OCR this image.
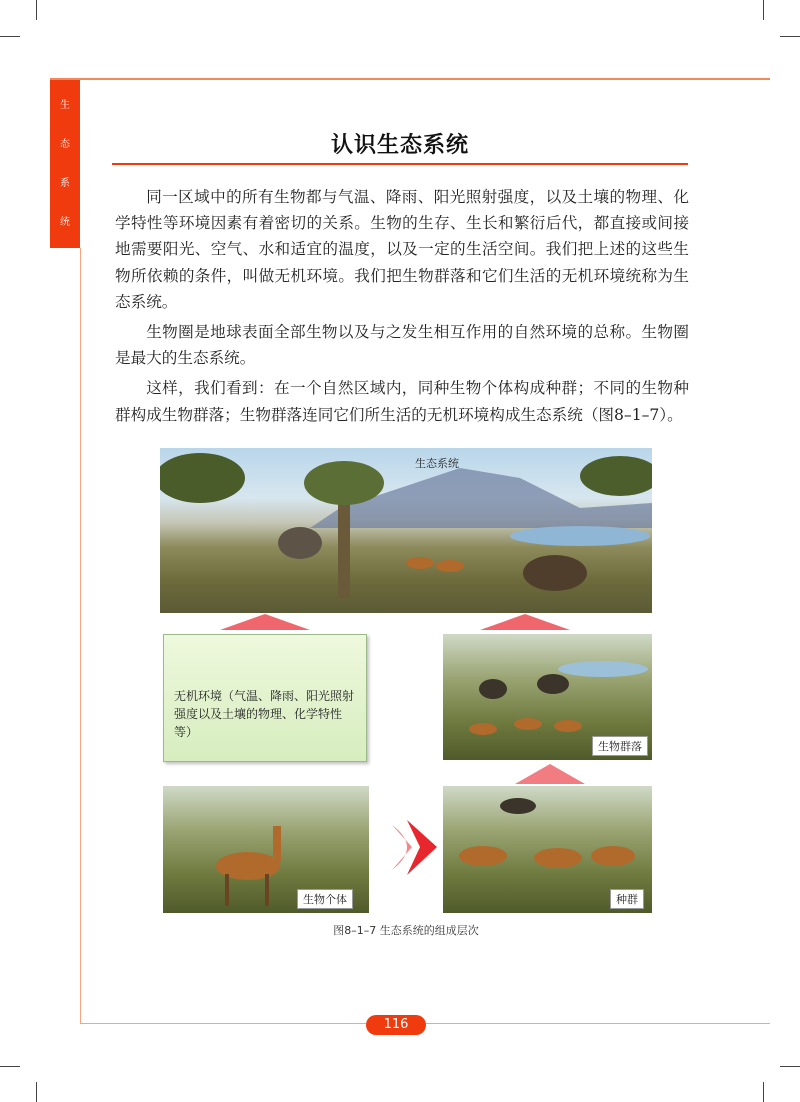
生
态
系
统
认识生态系统

同一区域中的所有生物都与气温、降雨、阳光照射强度，以及土壤的物理、化学特性等环境因素有着密切的关系。生物的生存、生长和繁衍后代，都直接或间接地需要阳光、空气、水和适宜的温度，以及一定的生活空间。我们把上述的这些生物所依赖的条件，叫做无机环境。我们把生物群落和它们生活的无机环境统称为生态系统。

生物圈是地球表面全部生物以及与之发生相互作用的自然环境的总称。生物圈是最大的生态系统。

这样，我们看到：在一个自然区域内，同种生物个体构成种群；不同的生物种群构成生物群落；生物群落连同它们所生活的无机环境构成生态系统（图8–1–7）。

生态系统
无机环境（气温、降雨、阳光照射强度以及土壤的物理、化学特性等）
生物群落
生物个体	种群
图8–1–7 生态系统的组成层次
116
